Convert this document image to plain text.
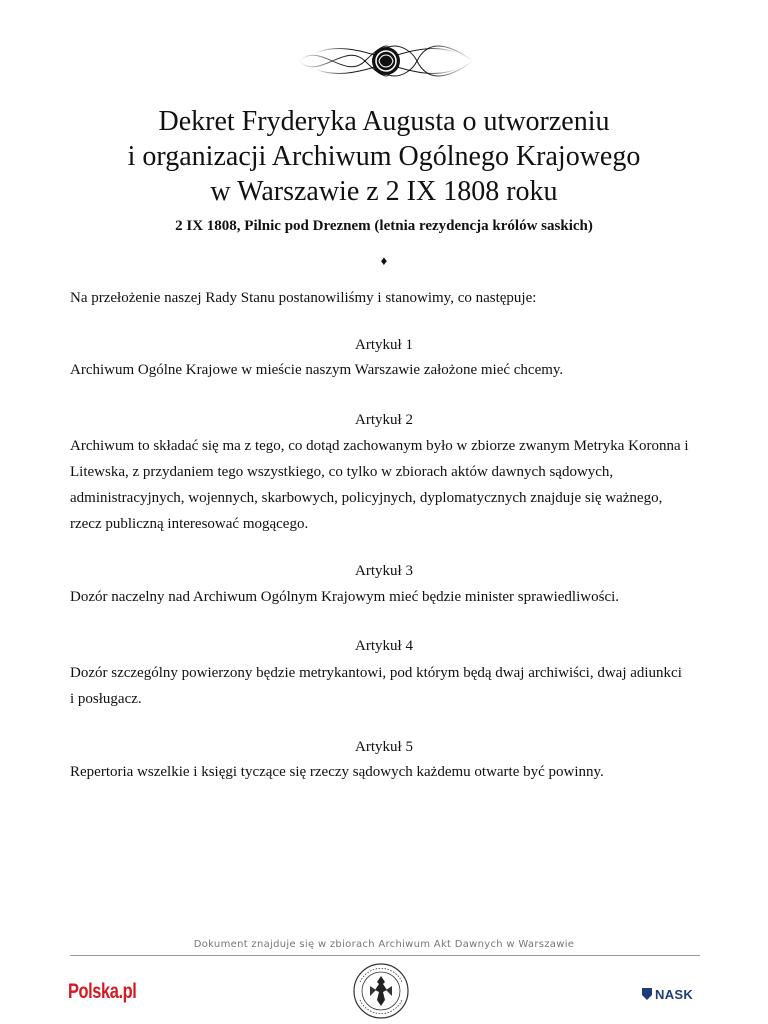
Dekret Fryderyka Augusta o utworzeniu
i organizacji Archiwum Ogólnego Krajowego
w Warszawie z 2 IX 1808 roku
2 IX 1808, Pilnic pod Dreznem (letnia rezydencja królów saskich)
♦
Na przełożenie naszej Rady Stanu postanowiliśmy i stanowimy, co następuje:
Artykuł 1
Archiwum Ogólne Krajowe w mieście naszym Warszawie założone mieć chcemy.
Artykuł 2
Archiwum to składać się ma z tego, co dotąd zachowanym było w zbiorze zwanym Metryka Koronna i
Litewska, z przydaniem tego wszystkiego, co tylko w zbiorach aktów dawnych sądowych,
administracyjnych, wojennych, skarbowych, policyjnych, dyplomatycznych znajduje się ważnego,
rzecz publiczną interesować mogącego.
Artykuł 3
Dozór naczelny nad Archiwum Ogólnym Krajowym mieć będzie minister sprawiedliwości.
Artykuł 4
Dozór szczególny powierzony będzie metrykantowi, pod którym będą dwaj archiwiści, dwaj adiunkci
i posługacz.
Artykuł 5
Repertoria wszelkie i księgi tyczące się rzeczy sądowych każdemu otwarte być powinny.
Dokument znajduje się w zbiorach Archiwum Akt Dawnych w Warszawie
Polska.pl	NASK
